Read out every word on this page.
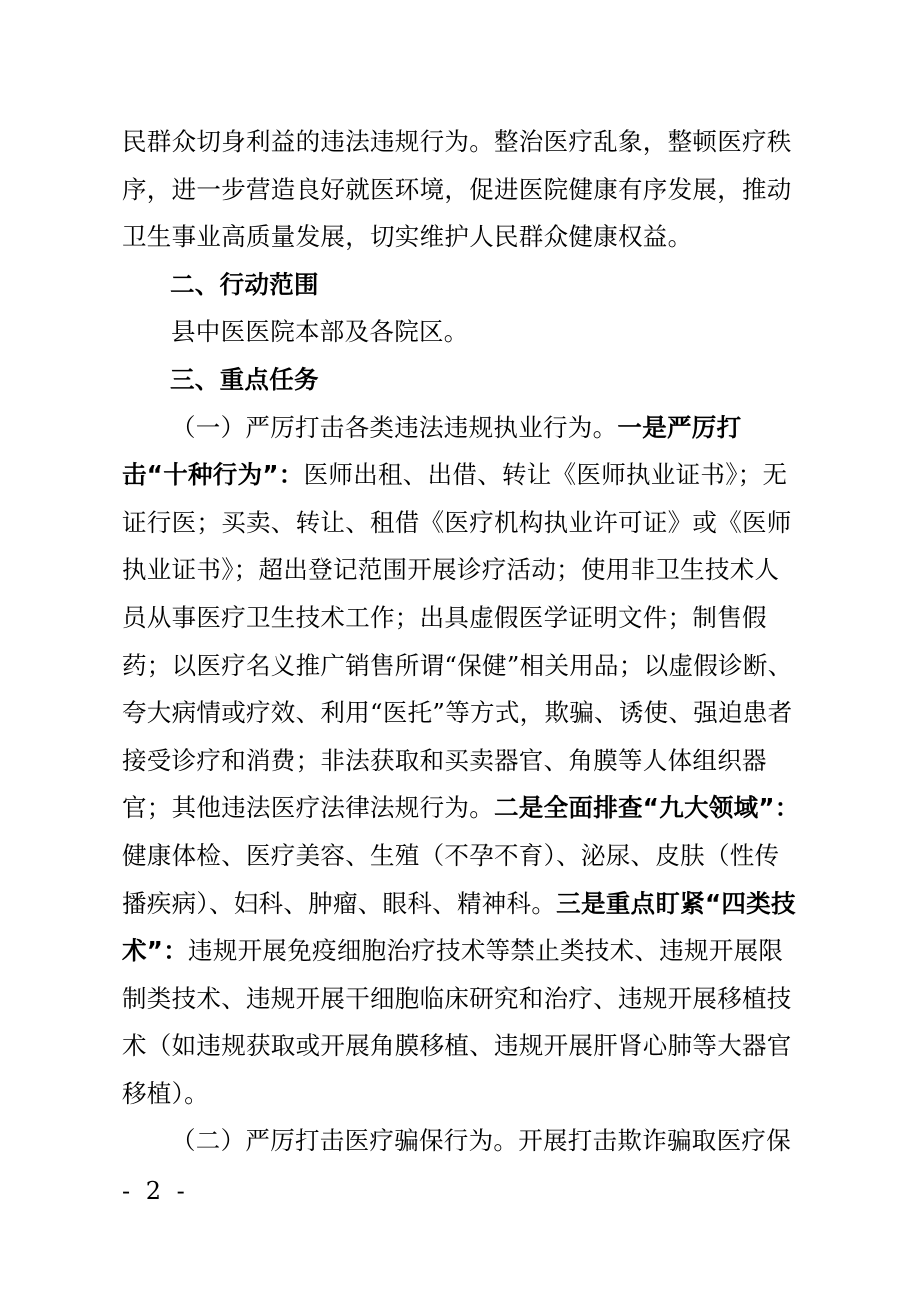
民群众切身利益的违法违规行为。整治医疗乱象，整顿医疗秩序，进一步营造良好就医环境，促进医院健康有序发展，推动卫生事业高质量发展，切实维护人民群众健康权益。

二、行动范围

县中医医院本部及各院区。

三、重点任务

（一）严厉打击各类违法违规执业行为。一是严厉打击“十种行为”：医师出租、出借、转让《医师执业证书》；无证行医；买卖、转让、租借《医疗机构执业许可证》或《医师执业证书》；超出登记范围开展诊疗活动；使用非卫生技术人员从事医疗卫生技术工作；出具虚假医学证明文件；制售假药；以医疗名义推广销售所谓“保健”相关用品；以虚假诊断、夸大病情或疗效、利用“医托”等方式，欺骗、诱使、强迫患者接受诊疗和消费；非法获取和买卖器官、角膜等人体组织器官；其他违法医疗法律法规行为。二是全面排查“九大领域”：健康体检、医疗美容、生殖（不孕不育）、泌尿、皮肤（性传播疾病）、妇科、肿瘤、眼科、精神科。三是重点盯紧“四类技术”：违规开展免疫细胞治疗技术等禁止类技术、违规开展限制类技术、违规开展干细胞临床研究和治疗、违规开展移植技术（如违规获取或开展角膜移植、违规开展肝肾心肺等大器官移植）。

（二）严厉打击医疗骗保行为。开展打击欺诈骗取医疗保

- 2 -
